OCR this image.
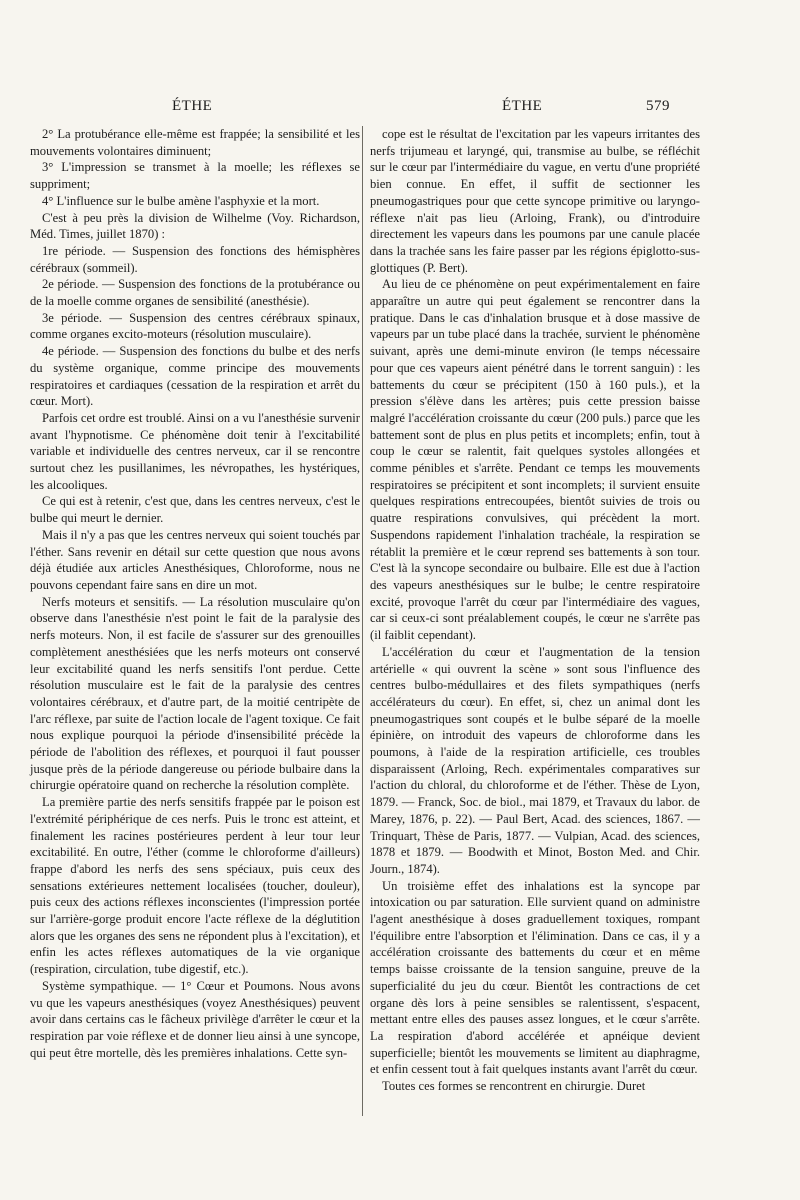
ÉTHE	ÉTHE	579

2° La protubérance elle-même est frappée; la sensibilité et les mouvements volontaires diminuent;

3° L'impression se transmet à la moelle; les réflexes se suppriment;

4° L'influence sur le bulbe amène l'asphyxie et la mort.

C'est à peu près la division de Wilhelme (Voy. Richardson, Méd. Times, juillet 1870) :

1re période. — Suspension des fonctions des hémisphères cérébraux (sommeil).

2e période. — Suspension des fonctions de la protubérance ou de la moelle comme organes de sensibilité (anesthésie).

3e période. — Suspension des centres cérébraux spinaux, comme organes excito-moteurs (résolution musculaire).

4e période. — Suspension des fonctions du bulbe et des nerfs du système organique, comme principe des mouvements respiratoires et cardiaques (cessation de la respiration et arrêt du cœur. Mort).

Parfois cet ordre est troublé. Ainsi on a vu l'anesthésie survenir avant l'hypnotisme. Ce phénomène doit tenir à l'excitabilité variable et individuelle des centres nerveux, car il se rencontre surtout chez les pusillanimes, les névropathes, les hystériques, les alcooliques.

Ce qui est à retenir, c'est que, dans les centres nerveux, c'est le bulbe qui meurt le dernier.

Mais il n'y a pas que les centres nerveux qui soient touchés par l'éther. Sans revenir en détail sur cette question que nous avons déjà étudiée aux articles Anesthésiques, Chloroforme, nous ne pouvons cependant faire sans en dire un mot.

Nerfs moteurs et sensitifs. — La résolution musculaire qu'on observe dans l'anesthésie n'est point le fait de la paralysie des nerfs moteurs. Non, il est facile de s'assurer sur des grenouilles complètement anesthésiées que les nerfs moteurs ont conservé leur excitabilité quand les nerfs sensitifs l'ont perdue. Cette résolution musculaire est le fait de la paralysie des centres volontaires cérébraux, et d'autre part, de la moitié centripète de l'arc réflexe, par suite de l'action locale de l'agent toxique. Ce fait nous explique pourquoi la période d'insensibilité précède la période de l'abolition des réflexes, et pourquoi il faut pousser jusque près de la période dangereuse ou période bulbaire dans la chirurgie opératoire quand on recherche la résolution complète.

La première partie des nerfs sensitifs frappée par le poison est l'extrémité périphérique de ces nerfs. Puis le tronc est atteint, et finalement les racines postérieures perdent à leur tour leur excitabilité. En outre, l'éther (comme le chloroforme d'ailleurs) frappe d'abord les nerfs des sens spéciaux, puis ceux des sensations extérieures nettement localisées (toucher, douleur), puis ceux des actions réflexes inconscientes (l'impression portée sur l'arrière-gorge produit encore l'acte réflexe de la déglutition alors que les organes des sens ne répondent plus à l'excitation), et enfin les actes réflexes automatiques de la vie organique (respiration, circulation, tube digestif, etc.).

Système sympathique. — 1° Cœur et Poumons. Nous avons vu que les vapeurs anesthésiques (voyez Anesthésiques) peuvent avoir dans certains cas le fâcheux privilège d'arrêter le cœur et la respiration par voie réflexe et de donner lieu ainsi à une syncope, qui peut être mortelle, dès les premières inhalations. Cette syn-

cope est le résultat de l'excitation par les vapeurs irritantes des nerfs trijumeau et laryngé, qui, transmise au bulbe, se réfléchit sur le cœur par l'intermédiaire du vague, en vertu d'une propriété bien connue. En effet, il suffit de sectionner les pneumogastriques pour que cette syncope primitive ou laryngo-réflexe n'ait pas lieu (Arloing, Frank), ou d'introduire directement les vapeurs dans les poumons par une canule placée dans la trachée sans les faire passer par les régions épiglotto-sus-glottiques (P. Bert).

Au lieu de ce phénomène on peut expérimentalement en faire apparaître un autre qui peut également se rencontrer dans la pratique. Dans le cas d'inhalation brusque et à dose massive de vapeurs par un tube placé dans la trachée, survient le phénomène suivant, après une demi-minute environ (le temps nécessaire pour que ces vapeurs aient pénétré dans le torrent sanguin) : les battements du cœur se précipitent (150 à 160 puls.), et la pression s'élève dans les artères; puis cette pression baisse malgré l'accélération croissante du cœur (200 puls.) parce que les battement sont de plus en plus petits et incomplets; enfin, tout à coup le cœur se ralentit, fait quelques systoles allongées et comme pénibles et s'arrête. Pendant ce temps les mouvements respiratoires se précipitent et sont incomplets; il survient ensuite quelques respirations entrecoupées, bientôt suivies de trois ou quatre respirations convulsives, qui précèdent la mort. Suspendons rapidement l'inhalation trachéale, la respiration se rétablit la première et le cœur reprend ses battements à son tour. C'est là la syncope secondaire ou bulbaire. Elle est due à l'action des vapeurs anesthésiques sur le bulbe; le centre respiratoire excité, provoque l'arrêt du cœur par l'intermédiaire des vagues, car si ceux-ci sont préalablement coupés, le cœur ne s'arrête pas (il faiblit cependant).

L'accélération du cœur et l'augmentation de la tension artérielle « qui ouvrent la scène » sont sous l'influence des centres bulbo-médullaires et des filets sympathiques (nerfs accélérateurs du cœur). En effet, si, chez un animal dont les pneumogastriques sont coupés et le bulbe séparé de la moelle épinière, on introduit des vapeurs de chloroforme dans les poumons, à l'aide de la respiration artificielle, ces troubles disparaissent (Arloing, Rech. expérimentales comparatives sur l'action du chloral, du chloroforme et de l'éther. Thèse de Lyon, 1879. — Franck, Soc. de biol., mai 1879, et Travaux du labor. de Marey, 1876, p. 22). — Paul Bert, Acad. des sciences, 1867. — Trinquart, Thèse de Paris, 1877. — Vulpian, Acad. des sciences, 1878 et 1879. — Boodwith et Minot, Boston Med. and Chir. Journ., 1874).

Un troisième effet des inhalations est la syncope par intoxication ou par saturation. Elle survient quand on administre l'agent anesthésique à doses graduellement toxiques, rompant l'équilibre entre l'absorption et l'élimination. Dans ce cas, il y a accélération croissante des battements du cœur et en même temps baisse croissante de la tension sanguine, preuve de la superficialité du jeu du cœur. Bientôt les contractions de cet organe dès lors à peine sensibles se ralentissent, s'espacent, mettant entre elles des pauses assez longues, et le cœur s'arrête. La respiration d'abord accélérée et apnéique devient superficielle; bientôt les mouvements se limitent au diaphragme, et enfin cessent tout à fait quelques instants avant l'arrêt du cœur.

Toutes ces formes se rencontrent en chirurgie. Duret
